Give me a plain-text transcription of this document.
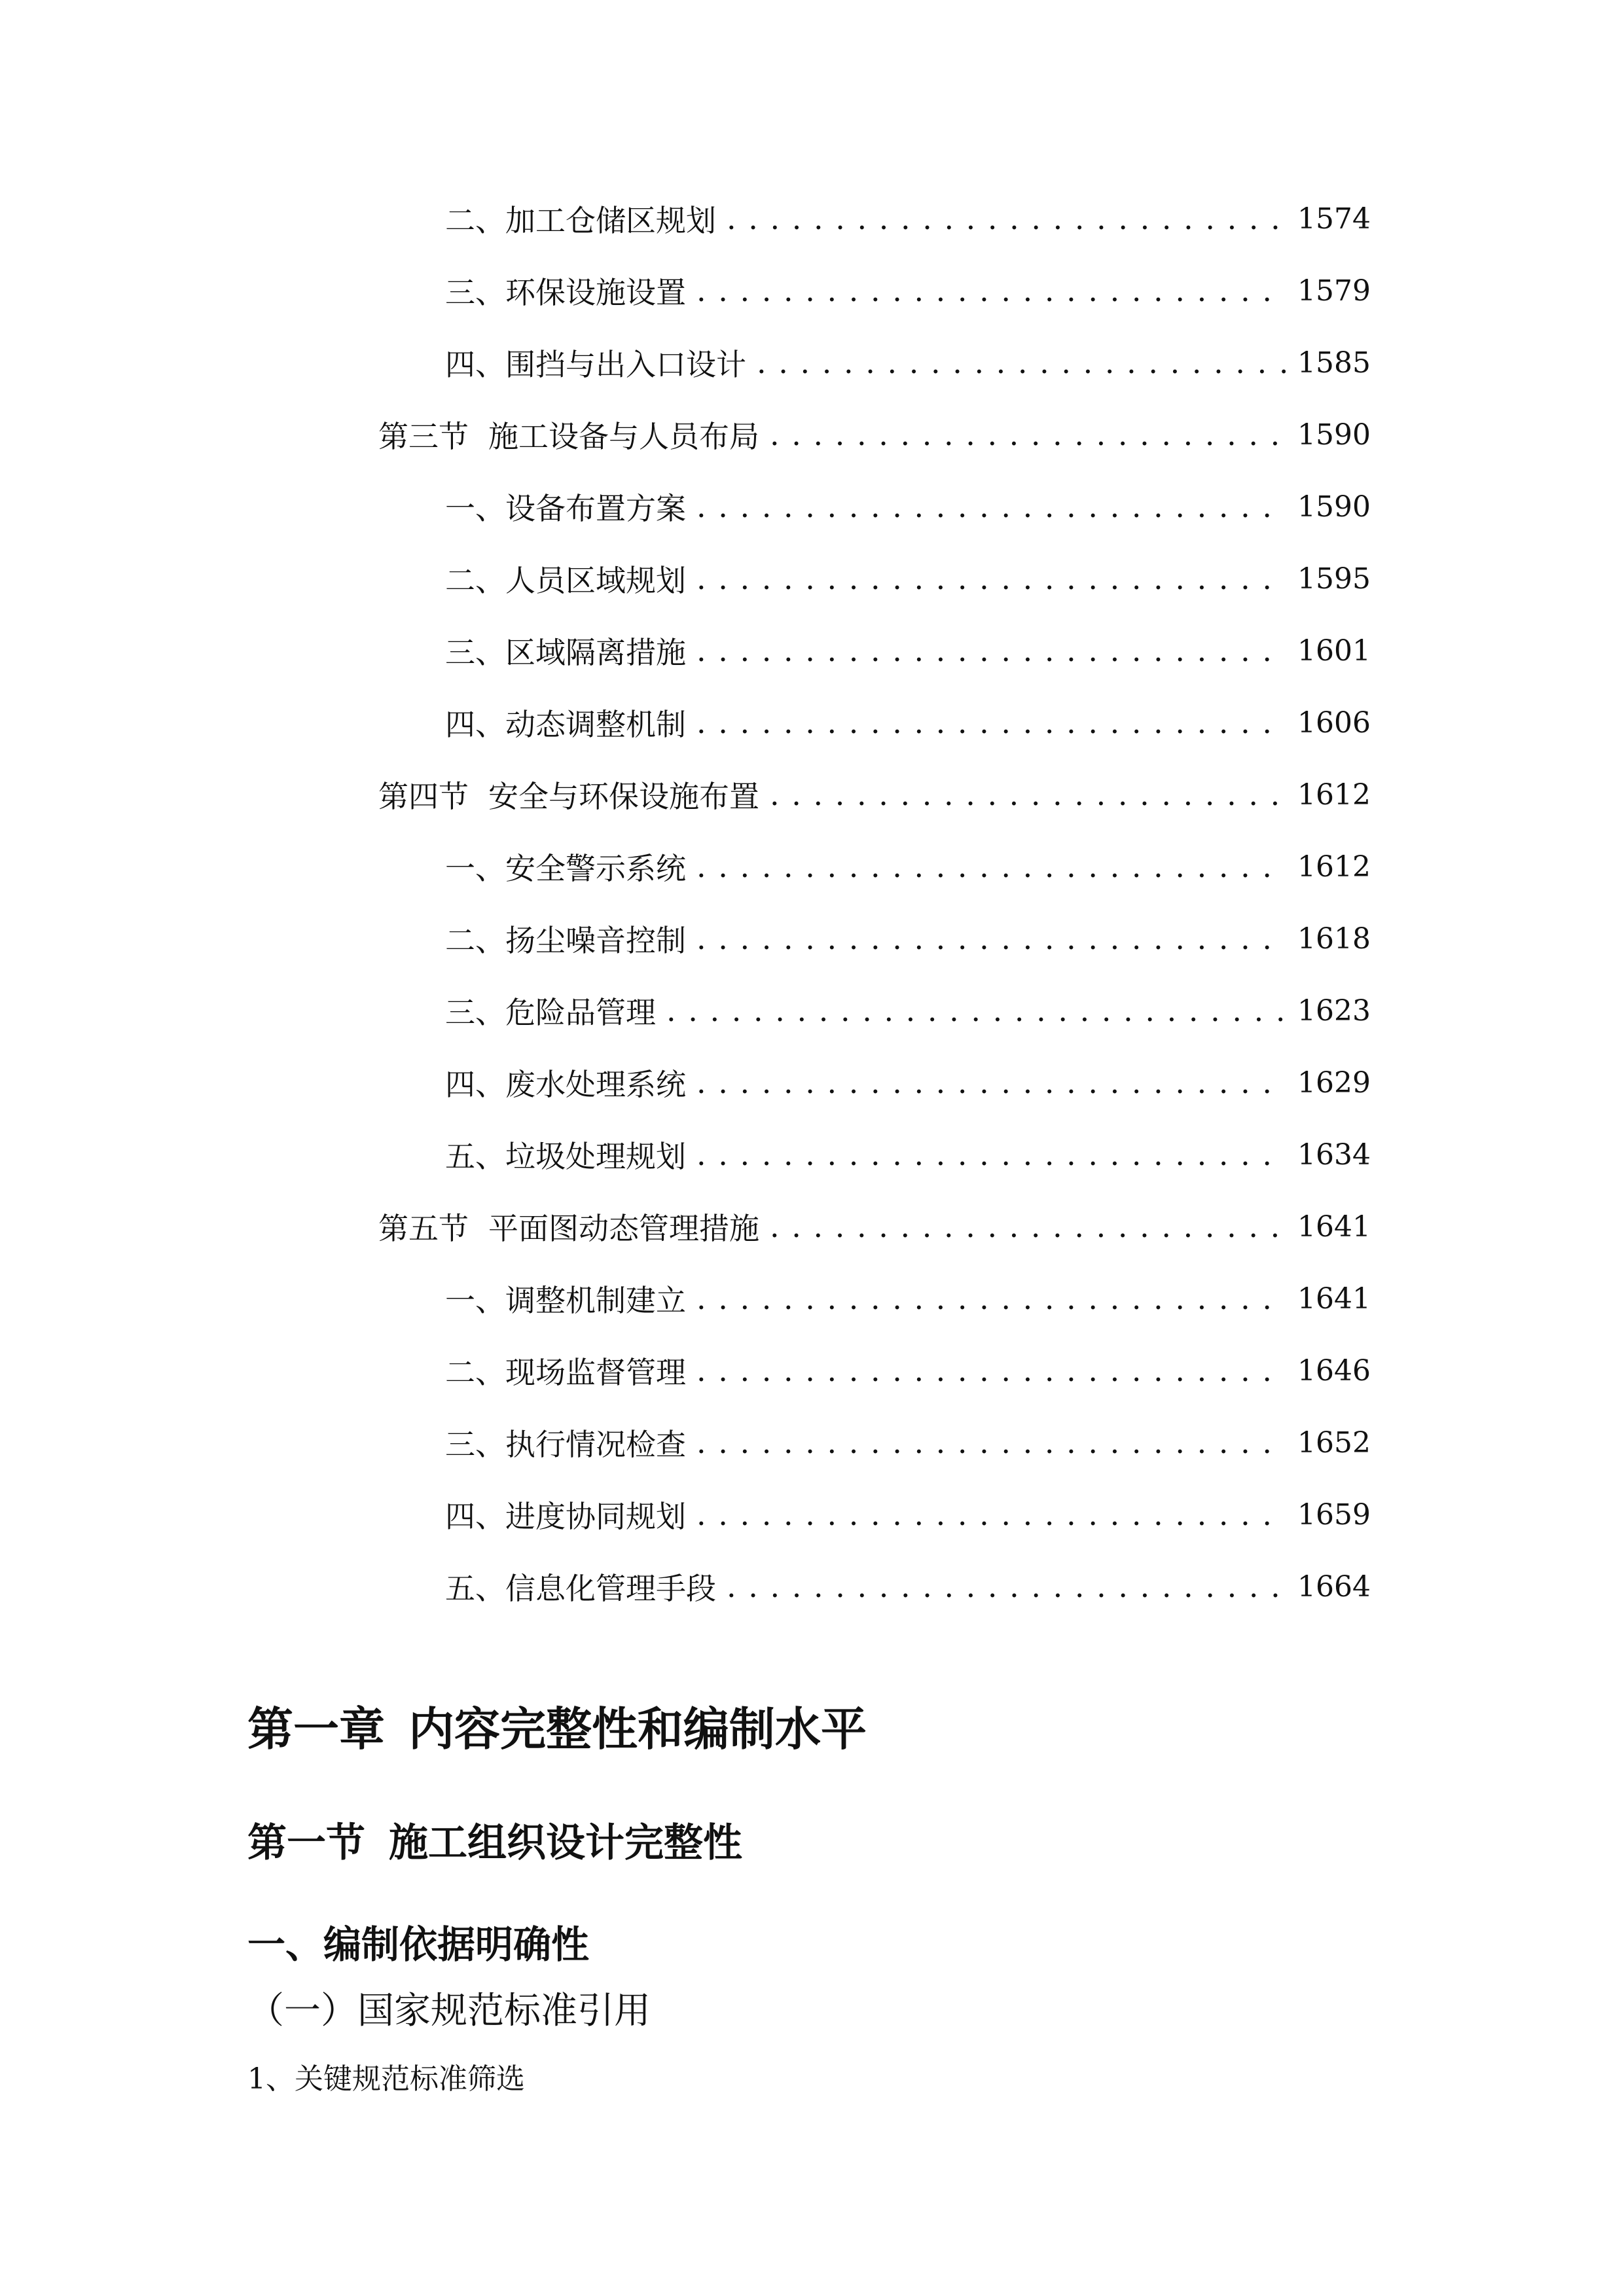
二、 加工仓储区规划 . . .	1574
三、 环保设施设置 . . .	1579
四、 围挡与出入口设计 . . .	1585
第三节 施工设备与人员布局 . . .	1590
一、 设备布置方案 . . .	1590
二、 人员区域规划 . . .	1595
三、 区域隔离措施 . . .	1601
四、 动态调整机制 . . .	1606
第四节 安全与环保设施布置 . . .	1612
一、 安全警示系统 . . .	1612
二、 扬尘噪音控制 . . .	1618
三、 危险品管理 . . .	1623
四、 废水处理系统 . . .	1629
五、 垃圾处理规划 . . .	1634
第五节 平面图动态管理措施 . . .	1641
一、 调整机制建立 . . .	1641
二、 现场监督管理 . . .	1646
三、 执行情况检查 . . .	1652
四、 进度协同规划 . . .	1659
五、 信息化管理手段 . . .	1664
第一章 内容完整性和编制水平
第一节 施工组织设计完整性
一、编制依据明确性
（一）国家规范标准引用
1、关键规范标准筛选
